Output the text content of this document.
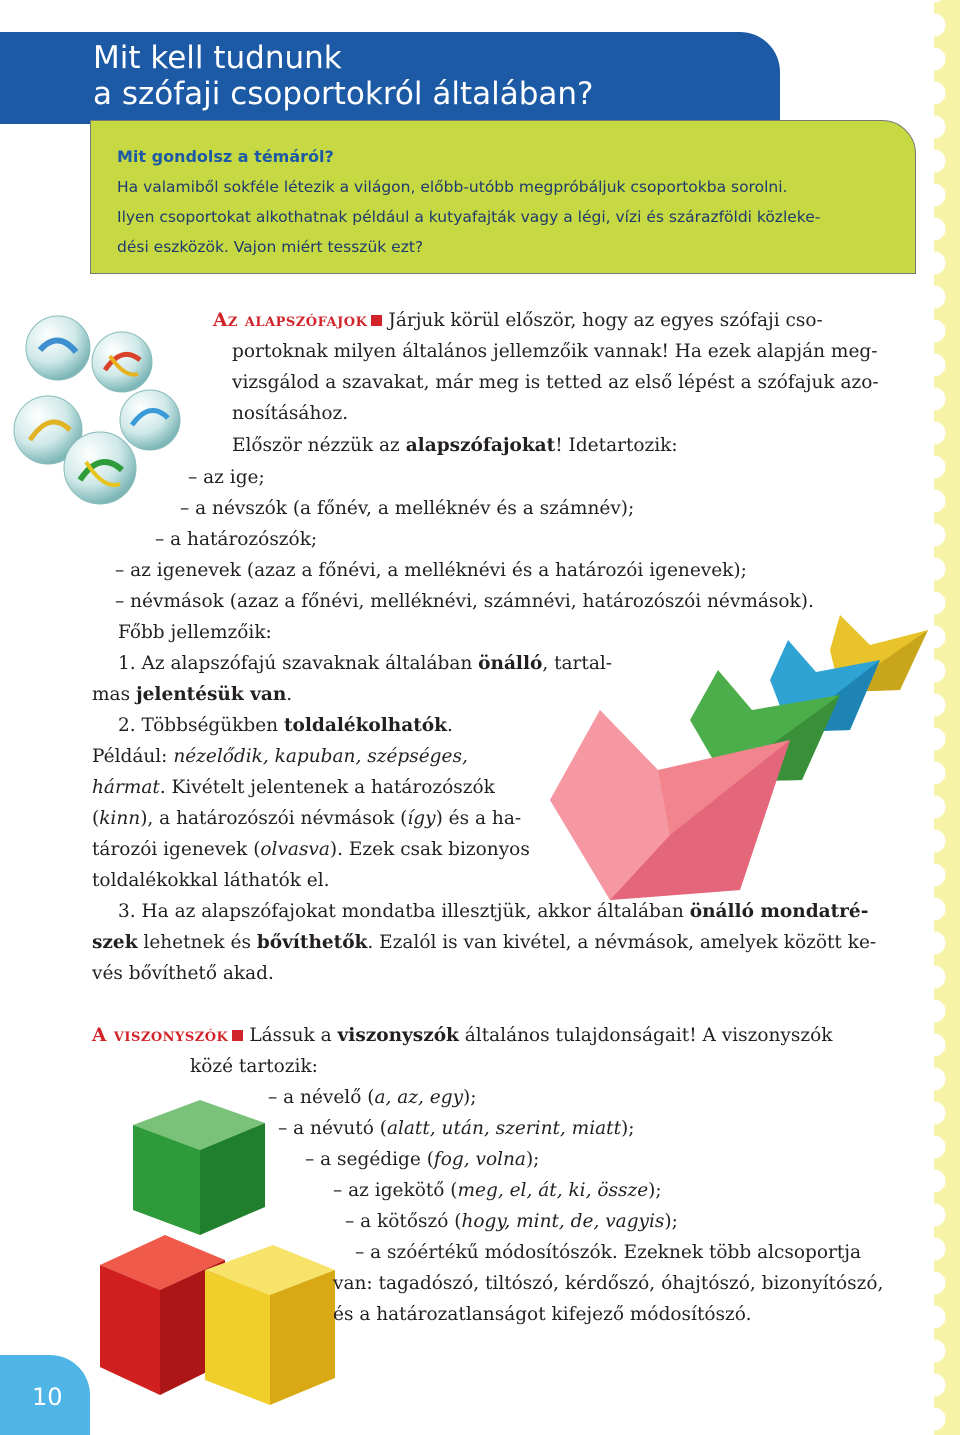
Mit kell tudnunk
a szófaji csoportokról általában?
Mit gondolsz a témáról?
Ha valamiből sokféle létezik a világon, előbb-utóbb megpróbáljuk csoportokba sorolni.
Ilyen csoportokat alkothatnak például a kutyafajták vagy a légi, vízi és szárazföldi közleke-
dési eszközök. Vajon miért tesszük ezt?
Az alapszófajok Járjuk körül először, hogy az egyes szófaji cso-
portoknak milyen általános jellemzőik vannak! Ha ezek alapján meg-
vizsgálod a szavakat, már meg is tetted az első lépést a szófajuk azo-
nosításához.
Először nézzük az alapszófajokat! Idetartozik:
– az ige;
– a névszók (a főnév, a melléknév és a számnév);
– a határozószók;
– az igenevek (azaz a főnévi, a melléknévi és a határozói igenevek);
– névmások (azaz a főnévi, melléknévi, számnévi, határozószói névmások).
Főbb jellemzőik:
1. Az alapszófajú szavaknak általában önálló, tartal-
mas jelentésük van.
2. Többségükben toldalékolhatók.
Például: nézelődik, kapuban, szépséges,
hármat. Kivételt jelentenek a határozószók
(kinn), a határozószói névmások (így) és a ha-
tározói igenevek (olvasva). Ezek csak bizonyos
toldalékokkal láthatók el.
3. Ha az alapszófajokat mondatba illesztjük, akkor általában önálló mondatré-
szek lehetnek és bővíthetők. Ezalól is van kivétel, a névmások, amelyek között ke-
vés bővíthető akad.
A viszonyszók Lássuk a viszonyszók általános tulajdonságait! A viszonyszók
közé tartozik:
– a névelő (a, az, egy);
– a névutó (alatt, után, szerint, miatt);
– a segédige (fog, volna);
– az igekötő (meg, el, át, ki, össze);
– a kötőszó (hogy, mint, de, vagyis);
– a szóértékű módosítószók. Ezeknek több alcsoportja
van: tagadószó, tiltószó, kérdőszó, óhajtószó, bizonyítószó,
és a határozatlanságot kifejező módosítószó.
10
